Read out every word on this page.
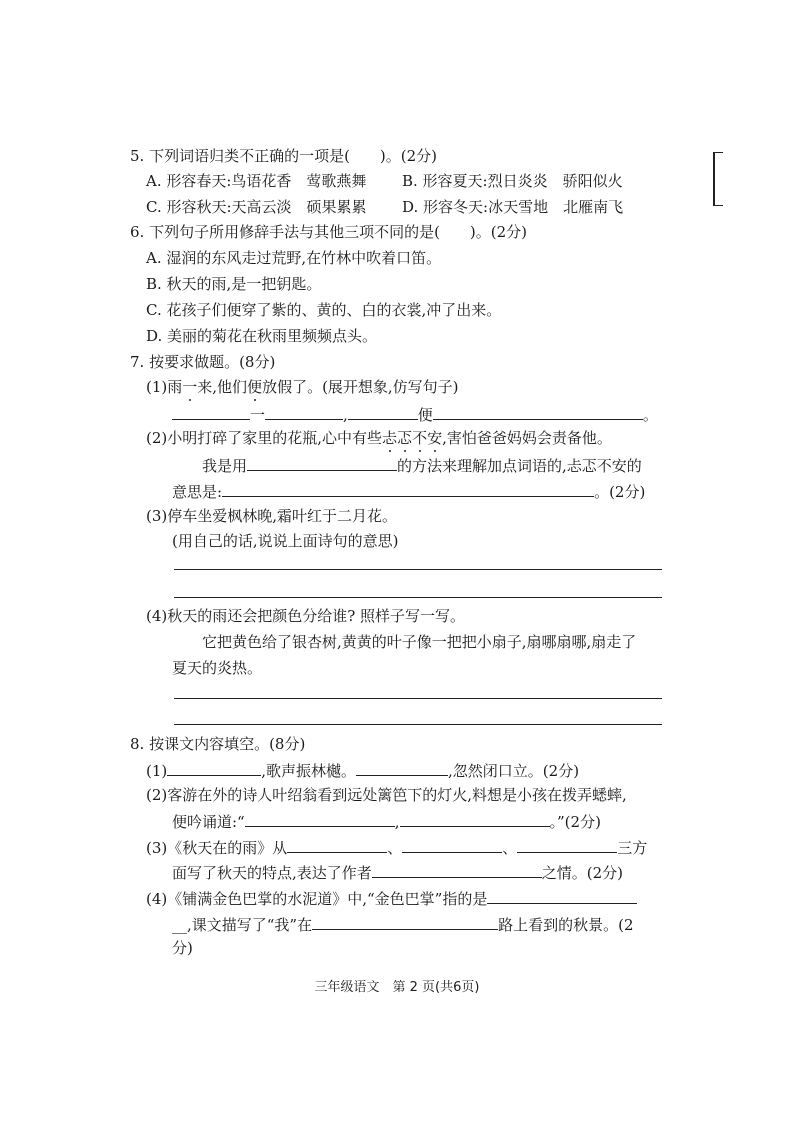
5. 下列词语归类不正确的一项是(　　)。(2分)
A. 形容春天:鸟语花香　莺歌燕舞 B. 形容夏天:烈日炎炎　骄阳似火
C. 形容秋天:天高云淡　硕果累累 D. 形容冬天:冰天雪地　北雁南飞
6. 下列句子所用修辞手法与其他三项不同的是(　　)。(2分)
A. 湿润的东风走过荒野,在竹林中吹着口笛。
B. 秋天的雨,是一把钥匙。
C. 花孩子们便穿了紫的、黄的、白的衣裳,冲了出来。
D. 美丽的菊花在秋雨里频频点头。
7. 按要求做题。(8分)
(1)雨一来,他们便放假了。(展开想象,仿写句子)
一	,	便	。
(2)小明打碎了家里的花瓶,心中有些忐忑不安,害怕爸爸妈妈会责备他。
我是用	的方法来理解加点词语的,忐忑不安的
意思是:	。(2分)
(3)停车坐爱枫林晚,霜叶红于二月花。
(用自己的话,说说上面诗句的意思)
(4)秋天的雨还会把颜色分给谁? 照样子写一写。
它把黄色给了银杏树,黄黄的叶子像一把把小扇子,扇哪扇哪,扇走了
夏天的炎热。
8. 按课文内容填空。(8分)
(1)	,歌声振林樾。	,忽然闭口立。(2分)
(2)客游在外的诗人叶绍翁看到远处篱笆下的灯火,料想是小孩在拨弄蟋蟀,
便吟诵道:“	,	。”(2分)
(3)《秋天在的雨》从	、	、	三方
面写了秋天的特点,表达了作者	之情。(2分)
(4)《铺满金色巴掌的水泥道》中,“金色巴掌”指的是
__,课文描写了“我”在	路上看到的秋景。(2
分)
三年级语文　第 2 页(共6页)
